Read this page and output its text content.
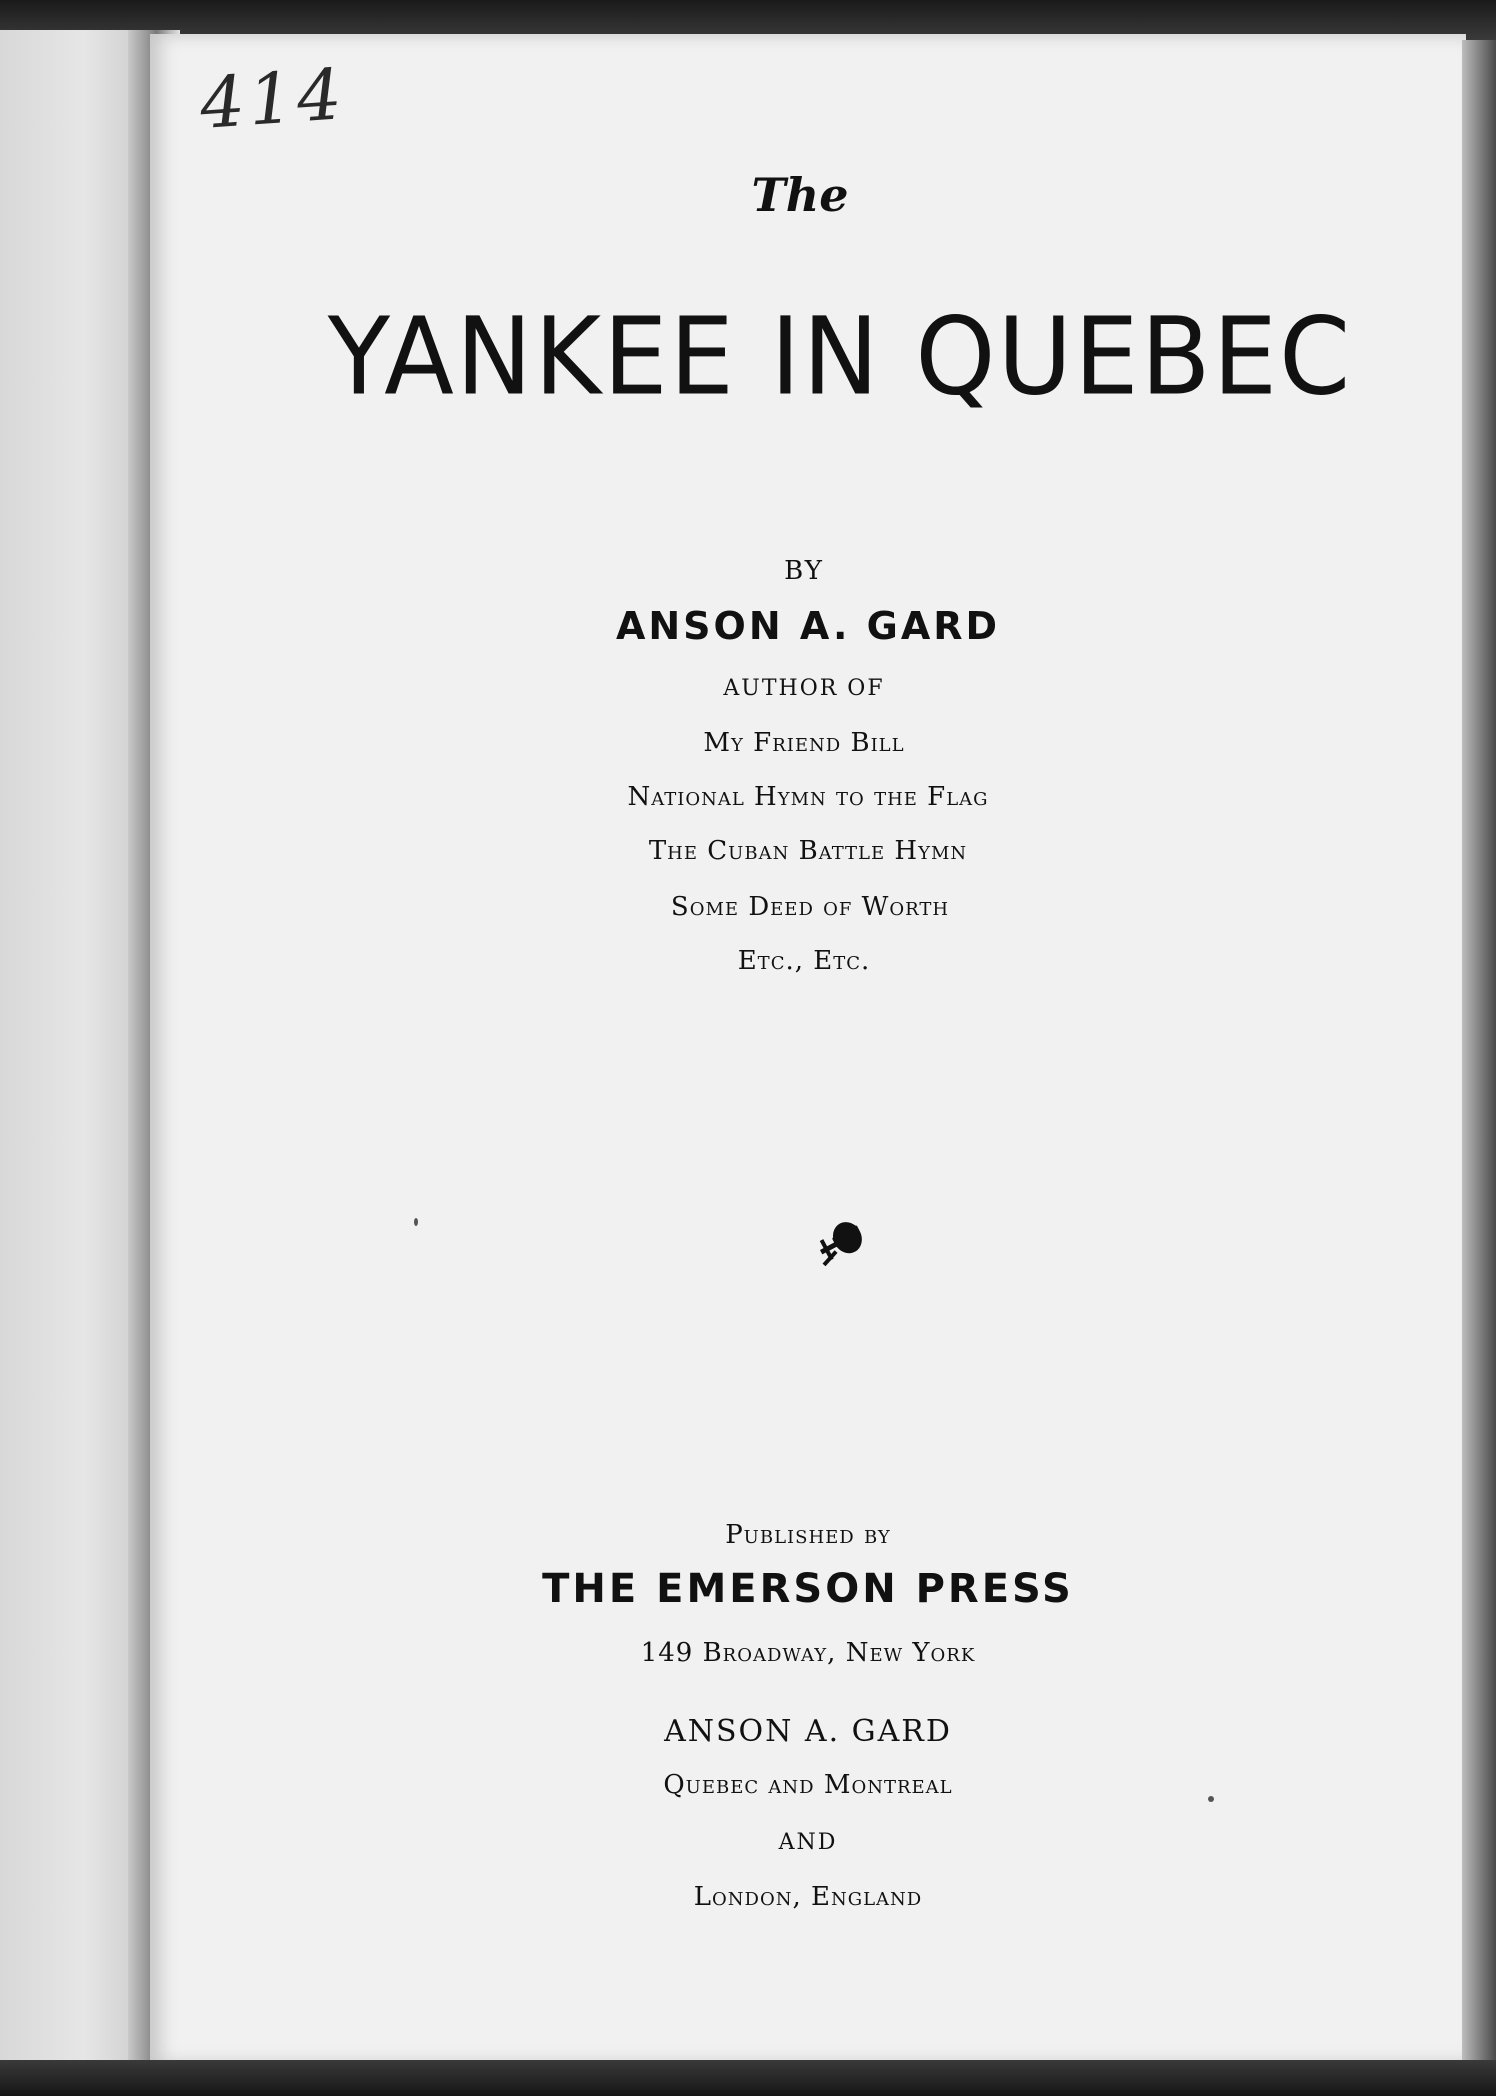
414

The

YANKEE IN QUEBEC

BY

ANSON A. GARD

AUTHOR OF

My Friend Bill

National Hymn to the Flag

The Cuban Battle Hymn

Some Deed of Worth

Etc., Etc.

Published by

THE EMERSON PRESS

149 Broadway, New York

ANSON A. GARD

Quebec and Montreal

AND

London, England
